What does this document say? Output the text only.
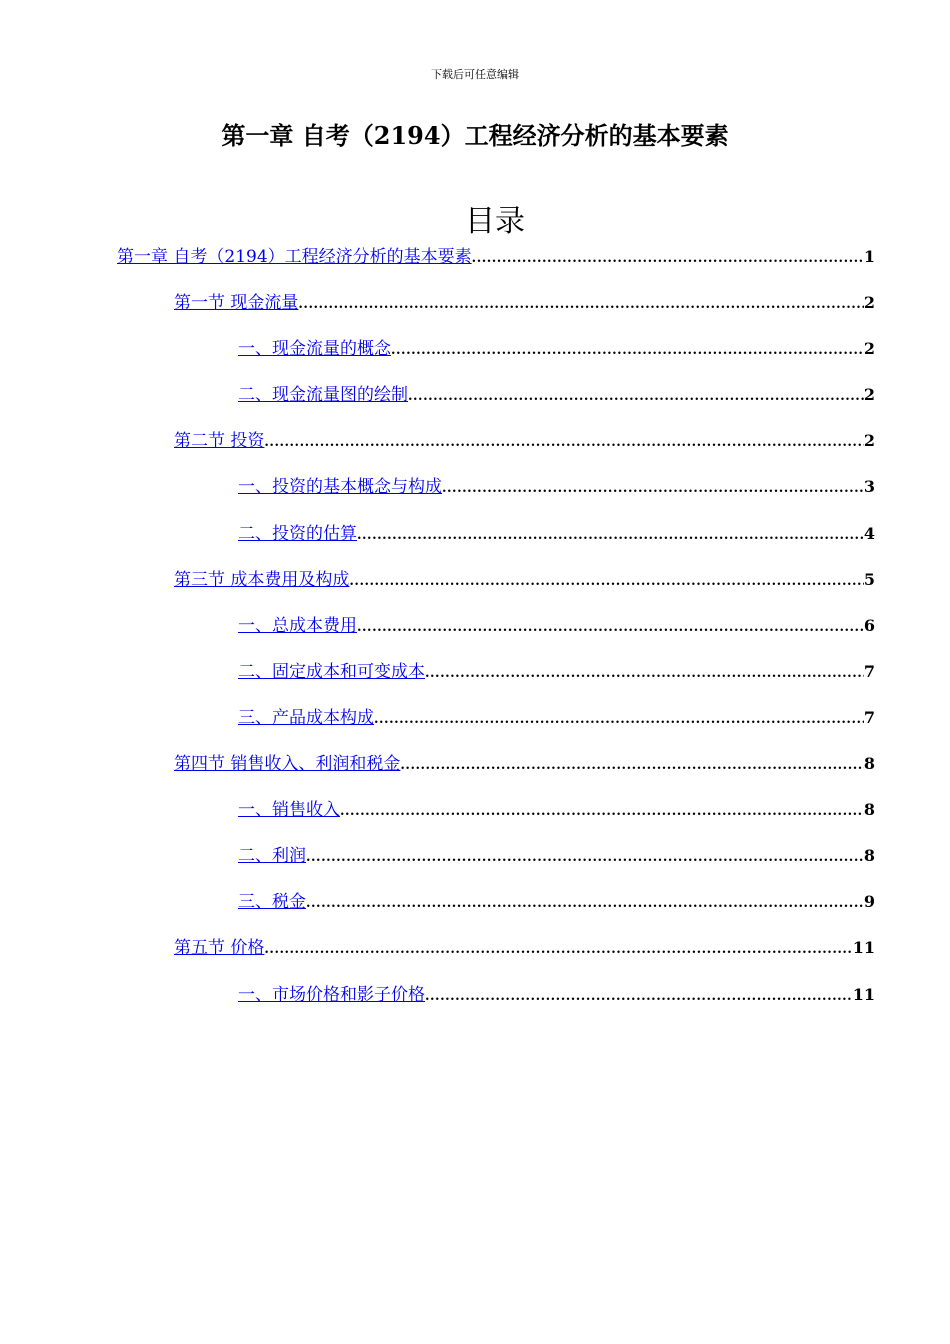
下载后可任意编辑
第一章 自考（2194）工程经济分析的基本要素
目录
第一章 自考（2194）工程经济分析的基本要素 .....	1
第一节 现金流量 .....	2
一、现金流量的概念 .....	2
二、现金流量图的绘制 .....	2
第二节 投资 .....	2
一、投资的基本概念与构成 .....	3
二、投资的估算 .....	4
第三节 成本费用及构成 .....	5
一、总成本费用 .....	6
二、固定成本和可变成本 .....	7
三、产品成本构成 .....	7
第四节 销售收入、利润和税金 .....	8
一、销售收入 .....	8
二、利润 .....	8
三、税金 .....	9
第五节 价格 .....	11
一、市场价格和影子价格 .....	11
